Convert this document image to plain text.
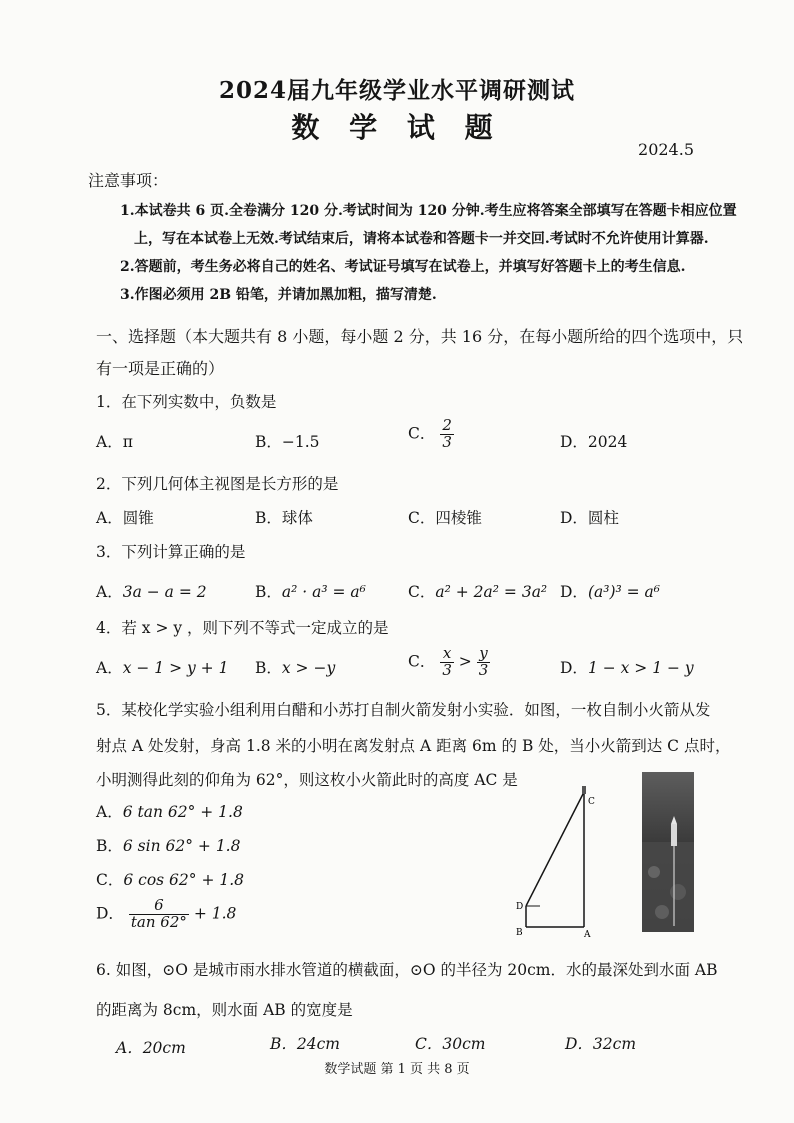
2024届九年级学业水平调研测试
数 学 试 题
2024.5
注意事项：
1.本试卷共 6 页.全卷满分 120 分.考试时间为 120 分钟.考生应将答案全部填写在答题卡相应位置
上，写在本试卷上无效.考试结束后，请将本试卷和答题卡一并交回.考试时不允许使用计算器.
2.答题前，考生务必将自己的姓名、考试证号填写在试卷上，并填写好答题卡上的考生信息.
3.作图必须用 2B 铅笔，并请加黑加粗，描写清楚.
一、选择题（本大题共有 8 小题，每小题 2 分，共 16 分，在每小题所给的四个选项中，只
有一项是正确的）
1．在下列实数中，负数是
A．π	B．−1.5	C． $\frac{2}{3}$	D．2024
2．下列几何体主视图是长方形的是
A．圆锥	B．球体	C．四棱锥	D．圆柱
3．下列计算正确的是
A．3a − a = 2	B．a² · a³ = a⁶	C．a² + 2a² = 3a² D．(a³)³ = a⁶
4．若 x > y ，则下列不等式一定成立的是
A．x − 1 > y + 1 B．x > −y	C． $\frac{x}{3} > \frac{y}{3}$	D．1 − x > 1 − y
5．某校化学实验小组利用白醋和小苏打自制火箭发射小实验．如图，一枚自制小火箭从发
射点 A 处发射，身高 1.8 米的小明在离发射点 A 距离 6m 的 B 处，当小火箭到达 C 点时，
小明测得此刻的仰角为 62°，则这枚小火箭此时的高度 AC 是
A．6 tan 62° + 1.8
B．6 sin 62° + 1.8
C．6 cos 62° + 1.8
D． $\frac{6}{\tan 62^\circ} + 1.8$
C
D
B	A
6. 如图，⊙O 是城市雨水排水管道的横截面，⊙O 的半径为 20cm．水的最深处到水面 AB
的距离为 8cm，则水面 AB 的宽度是
A．20cm	B．24cm	C．30cm	D．32cm
数学试题 第 1 页 共 8 页
